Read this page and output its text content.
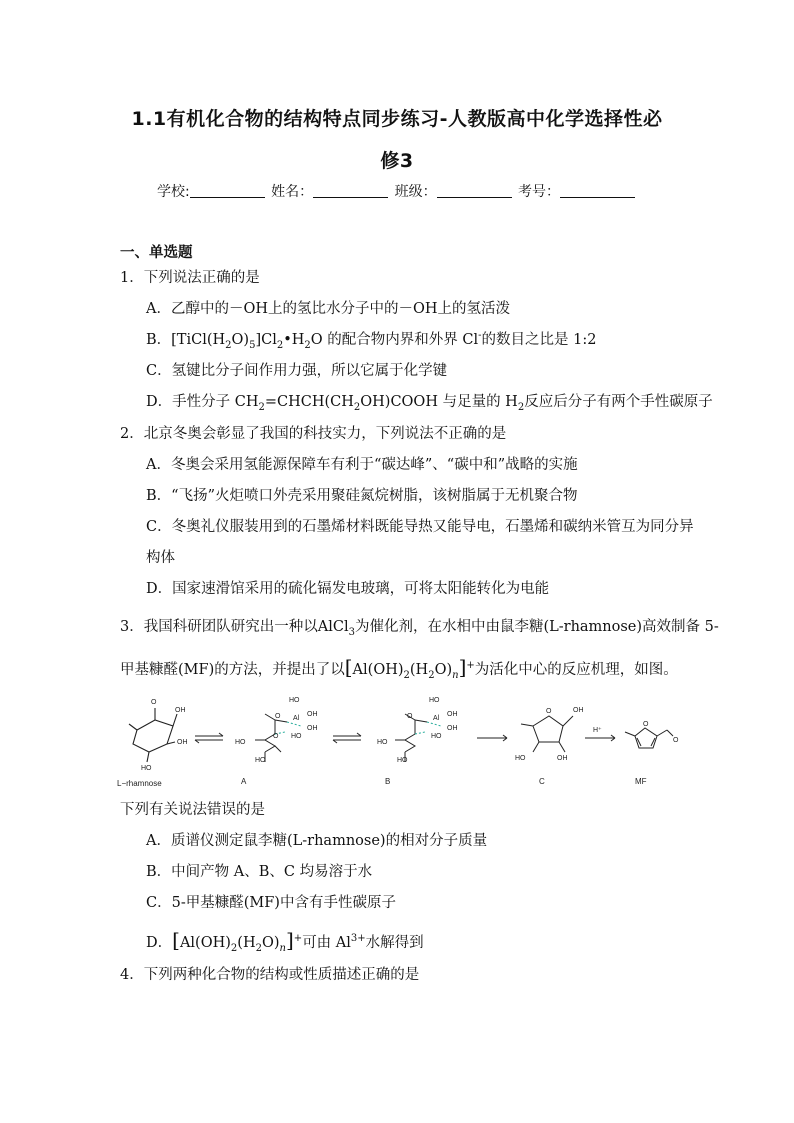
1.1有机化合物的结构特点同步练习-人教版高中化学选择性必
修3
学校:	姓名：	班级：	考号：
一、单选题
1．下列说法正确的是
A．乙醇中的－OH上的氢比水分子中的－OH上的氢活泼
B．$[TiCl(H_2O)_5]Cl_2•H_2O$ 的配合物内界和外界 Cl-的数目之比是 1:2
C．氢键比分子间作用力强，所以它属于化学键
D．手性分子 $CH_2=CHCH(CH_2OH)COOH$ 与足量的 $H_2$反应后分子有两个手性碳原子
2．北京冬奥会彰显了我国的科技实力，下列说法不正确的是
A．冬奥会采用氢能源保障车有利于“碳达峰”、“碳中和”战略的实施
B．“飞扬”火炬喷口外壳采用聚硅氮烷树脂，该树脂属于无机聚合物
C．冬奥礼仪服装用到的石墨烯材料既能导热又能导电，石墨烯和碳纳米管互为同分异
构体
D．国家速滑馆采用的硫化镉发电玻璃，可将太阳能转化为电能
3．我国科研团队研究出一种以AlCl$_3$为催化剂，在水相中由鼠李糖(L-rhamnose)高效制备 5-
甲基糠醛(MF)的方法，并提出了以$[Al(OH)_2(H_2O)_n]^+$为活化中心的反应机理，如图。
O
OH
OH
HO
L−rhamnose
HO
Al
OH
OH
HO
O
O
HO
HO
A
HO
Al
OH
OH
HO
O
HO
HO
B
O	OH
HO	OH
C
H⁺
O
O
MF
下列有关说法错误的是
A．质谱仪测定鼠李糖(L-rhamnose)的相对分子质量
B．中间产物 A、B、C 均易溶于水
C．5-甲基糠醛(MF)中含有手性碳原子
D．$[Al(OH)_2(H_2O)_n]^+$可由 $Al^{3+}$水解得到
4．下列两种化合物的结构或性质描述正确的是
